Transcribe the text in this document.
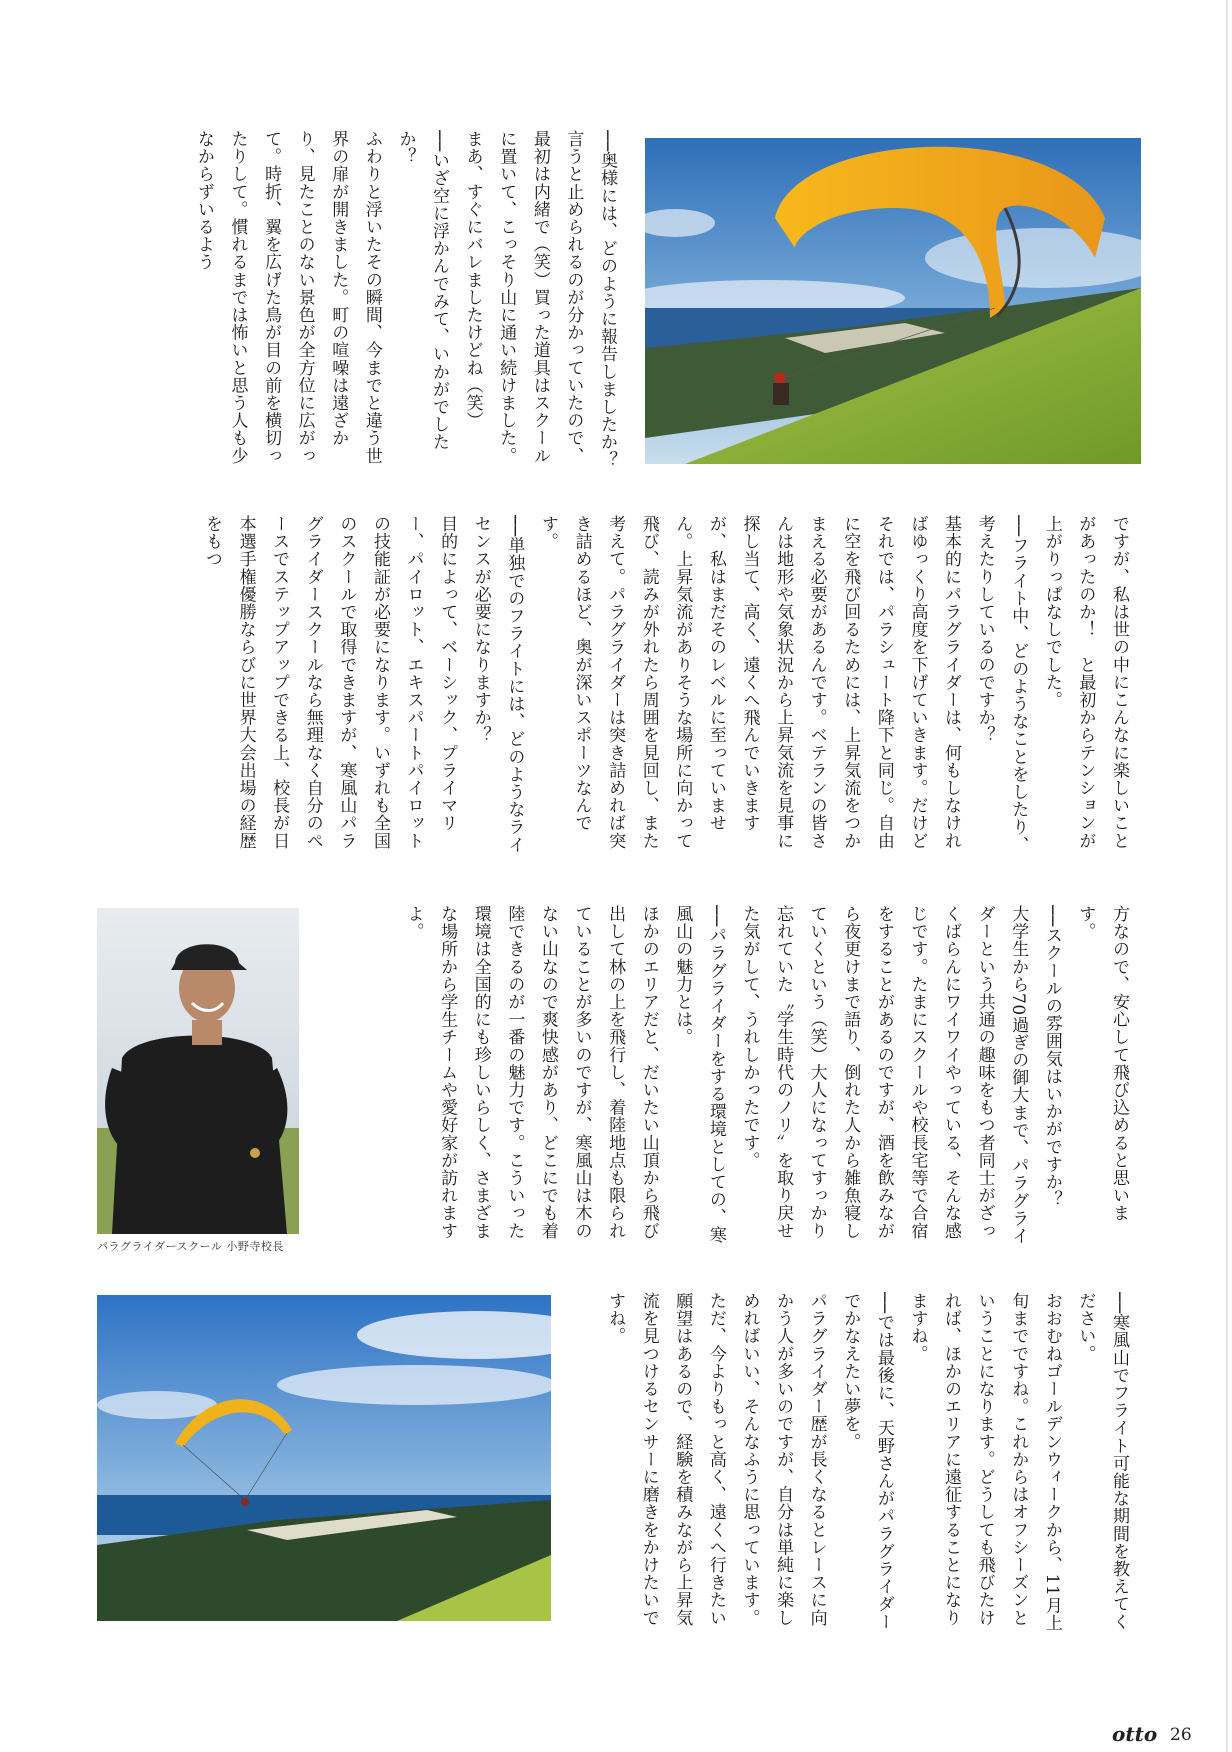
──奥様には、どのように報告しましたか？
言うと止められるのが分かっていたので、最初は内緒で（笑）買った道具はスクールに置いて、こっそり山に通い続けました。まあ、すぐにバレましたけどね（笑）
──いざ空に浮かんでみて、いかがでしたか？
ふわりと浮いたその瞬間、今までと違う世界の扉が開きました。町の喧噪は遠ざかり、見たことのない景色が全方位に広がって。時折、翼を広げた鳥が目の前を横切ったりして。慣れるまでは怖いと思う人も少なからずいるよう

ですが、私は世の中にこんなに楽しいことがあったのか！　と最初からテンションが上がりっぱなしでした。
──フライト中、どのようなことをしたり、考えたりしているのですか？
基本的にパラグライダーは、何もしなければゆっくり高度を下げていきます。だけどそれでは、パラシュート降下と同じ。自由に空を飛び回るためには、上昇気流をつかまえる必要があるんです。ベテランの皆さんは地形や気象状況から上昇気流を見事に探し当て、高く、遠くへ飛んでいきますが、私はまだそのレベルに至っていません。上昇気流がありそうな場所に向かって飛び、読みが外れたら周囲を見回し、また考えて。パラグライダーは突き詰めれば突き詰めるほど、奥が深いスポーツなんです。
──単独でのフライトには、どのようなライセンスが必要になりますか？
目的によって、ベーシック、プライマリー、パイロット、エキスパートパイロットの技能証が必要になります。いずれも全国のスクールで取得できますが、寒風山パラグライダースクールなら無理なく自分のペースでステップアップできる上、校長が日本選手権優勝ならびに世界大会出場の経歴をもつ

パラグライダースクール 小野寺校長

方なので、安心して飛び込めると思います。
──スクールの雰囲気はいかがですか？
大学生から70過ぎの御大まで、パラグライダーという共通の趣味をもつ者同士がざっくばらんにワイワイやっている、そんな感じです。たまにスクールや校長宅等で合宿をすることがあるのですが、酒を飲みながら夜更けまで語り、倒れた人から雑魚寝していくという（笑）大人になってすっかり忘れていた〝学生時代のノリ〟を取り戻せた気がして、うれしかったです。
──パラグライダーをする環境としての、寒風山の魅力とは。
ほかのエリアだと、だいたい山頂から飛び出して林の上を飛行し、着陸地点も限られていることが多いのですが、寒風山は木のない山なので爽快感があり、どこにでも着陸できるのが一番の魅力です。こういった環境は全国的にも珍しいらしく、さまざまな場所から学生チームや愛好家が訪れますよ。

──寒風山でフライト可能な期間を教えてください。
おおむねゴールデンウィークから、11月上旬までですね。これからはオフシーズンということになります。どうしても飛びたければ、ほかのエリアに遠征することになりますね。
──では最後に、天野さんがパラグライダーでかなえたい夢を。
パラグライダー歴が長くなるとレースに向かう人が多いのですが、自分は単純に楽しめればいい、そんなふうに思っています。ただ、今よりもっと高く、遠くへ行きたい願望はあるので、経験を積みながら上昇気流を見つけるセンサーに磨きをかけたいですね。

otto 26
